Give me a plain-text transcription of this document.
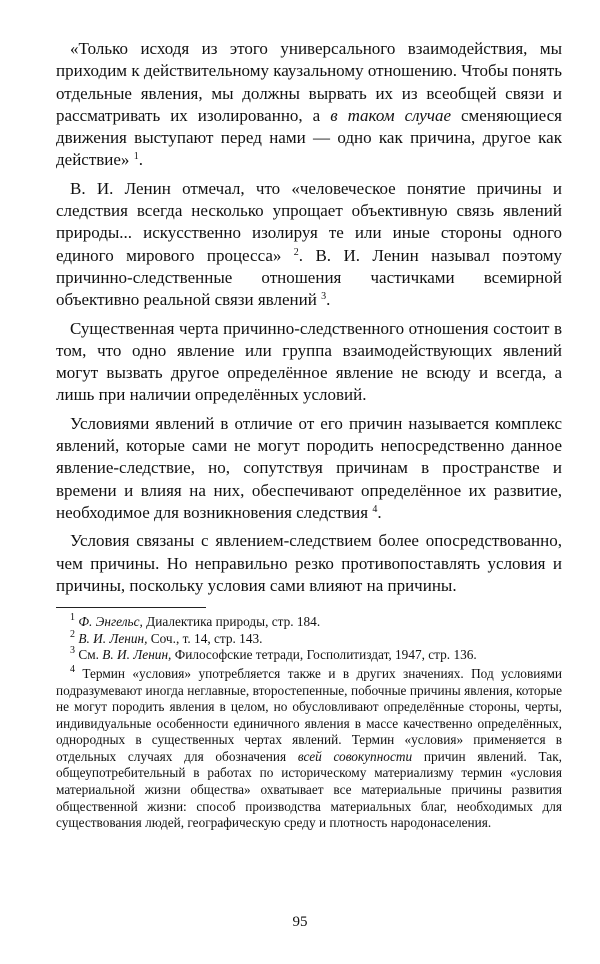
«Только исходя из этого универсального взаимодействия, мы приходим к действительному каузальному отношению. Чтобы понять отдельные явления, мы должны вырвать их из всеобщей связи и рассматривать их изолированно, а в таком случае сменяющиеся движения выступают перед нами — одно как причина, другое как действие» $^1$.

В. И. Ленин отмечал, что «человеческое понятие причины и следствия всегда несколько упрощает объективную связь явлений природы... искусственно изолируя те или иные стороны одного единого мирового процесса» $^2$. В. И. Ленин называл поэтому причинно-следственные отношения частичками всемирной объективно реальной связи явлений $^3$.

Существенная черта причинно-следственного отношения состоит в том, что одно явление или группа взаимодействующих явлений могут вызвать другое определённое явление не всюду и всегда, а лишь при наличии определённых условий.

Условиями явлений в отличие от его причин называется комплекс явлений, которые сами не могут породить непосредственно данное явление-следствие, но, сопутствуя причинам в пространстве и времени и влияя на них, обеспечивают определённое их развитие, необходимое для возникновения следствия $^4$.

Условия связаны с явлением-следствием более опосредствованно, чем причины. Но неправильно резко противопоставлять условия и причины, поскольку условия сами влияют на причины.

$^1$ Ф. Энгельс, Диалектика природы, стр. 184.

$^2$ В. И. Ленин, Соч., т. 14, стр. 143.

$^3$ См. В. И. Ленин, Философские тетради, Госполитиздат, 1947, стр. 136.

$^4$ Термин «условия» употребляется также и в других значениях. Под условиями подразумевают иногда неглавные, второстепенные, побочные причины явления, которые не могут породить явления в целом, но обусловливают определённые стороны, черты, индивидуальные особенности единичного явления в массе качественно определённых, однородных в существенных чертах явлений. Термин «условия» применяется в отдельных случаях для обозначения всей совокупности причин явлений. Так, общеупотребительный в работах по историческому материализму термин «условия материальной жизни общества» охватывает все материальные причины развития общественной жизни: способ производства материальных благ, необходимых для существования людей, географическую среду и плотность народонаселения.

95
